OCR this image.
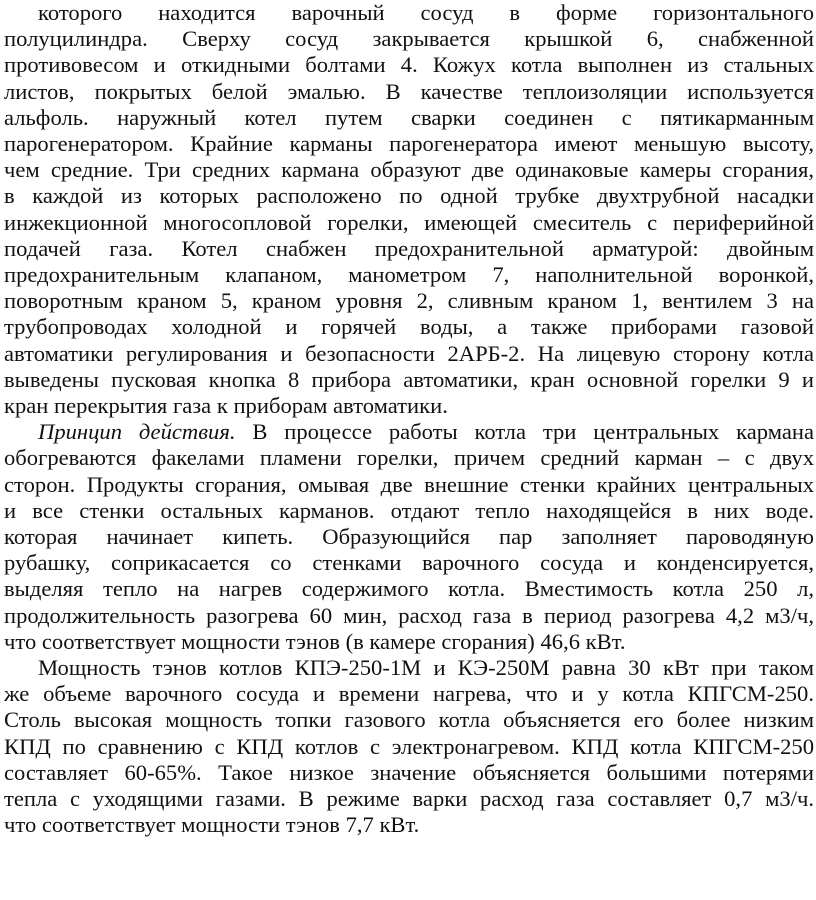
которого находится варочный сосуд в форме горизонтального
полуцилиндра. Сверху сосуд закрывается крышкой 6, снабженной
противовесом и откидными болтами 4. Кожух котла выполнен из стальных
листов, покрытых белой эмалью. В качестве теплоизоляции используется
альфоль. наружный котел путем сварки соединен с пятикарманным
парогенератором. Крайние карманы парогенератора имеют меньшую высоту,
чем средние. Три средних кармана образуют две одинаковые камеры сгорания,
в каждой из которых расположено по одной трубке двухтрубной насадки
инжекционной многосопловой горелки, имеющей смеситель с периферийной
подачей газа. Котел снабжен предохранительной арматурой: двойным
предохранительным клапаном, манометром 7, наполнительной воронкой,
поворотным краном 5, краном уровня 2, сливным краном 1, вентилем 3 на
трубопроводах холодной и горячей воды, а также приборами газовой
автоматики регулирования и безопасности 2АРБ-2. На лицевую сторону котла
выведены пусковая кнопка 8 прибора автоматики, кран основной горелки 9 и
кран перекрытия газа к приборам автоматики.
Принцип действия. В процессе работы котла три центральных кармана
обогреваются факелами пламени горелки, причем средний карман – с двух
сторон. Продукты сгорания, омывая две внешние стенки крайних центральных
и все стенки остальных карманов. отдают тепло находящейся в них воде.
которая начинает кипеть. Образующийся пар заполняет пароводяную
рубашку, соприкасается со стенками варочного сосуда и конденсируется,
выделяя тепло на нагрев содержимого котла. Вместимость котла 250 л,
продолжительность разогрева 60 мин, расход газа в период разогрева 4,2 м3/ч,
что соответствует мощности тэнов (в камере сгорания) 46,6 кВт.
Мощность тэнов котлов КПЭ-250-1М и КЭ-250М равна 30 кВт при таком
же объеме варочного сосуда и времени нагрева, что и у котла КПГСМ-250.
Столь высокая мощность топки газового котла объясняется его более низким
КПД по сравнению с КПД котлов с электронагревом. КПД котла КПГСМ-250
составляет 60-65%. Такое низкое значение объясняется большими потерями
тепла с уходящими газами. В режиме варки расход газа составляет 0,7 м3/ч.
что соответствует мощности тэнов 7,7 кВт.
